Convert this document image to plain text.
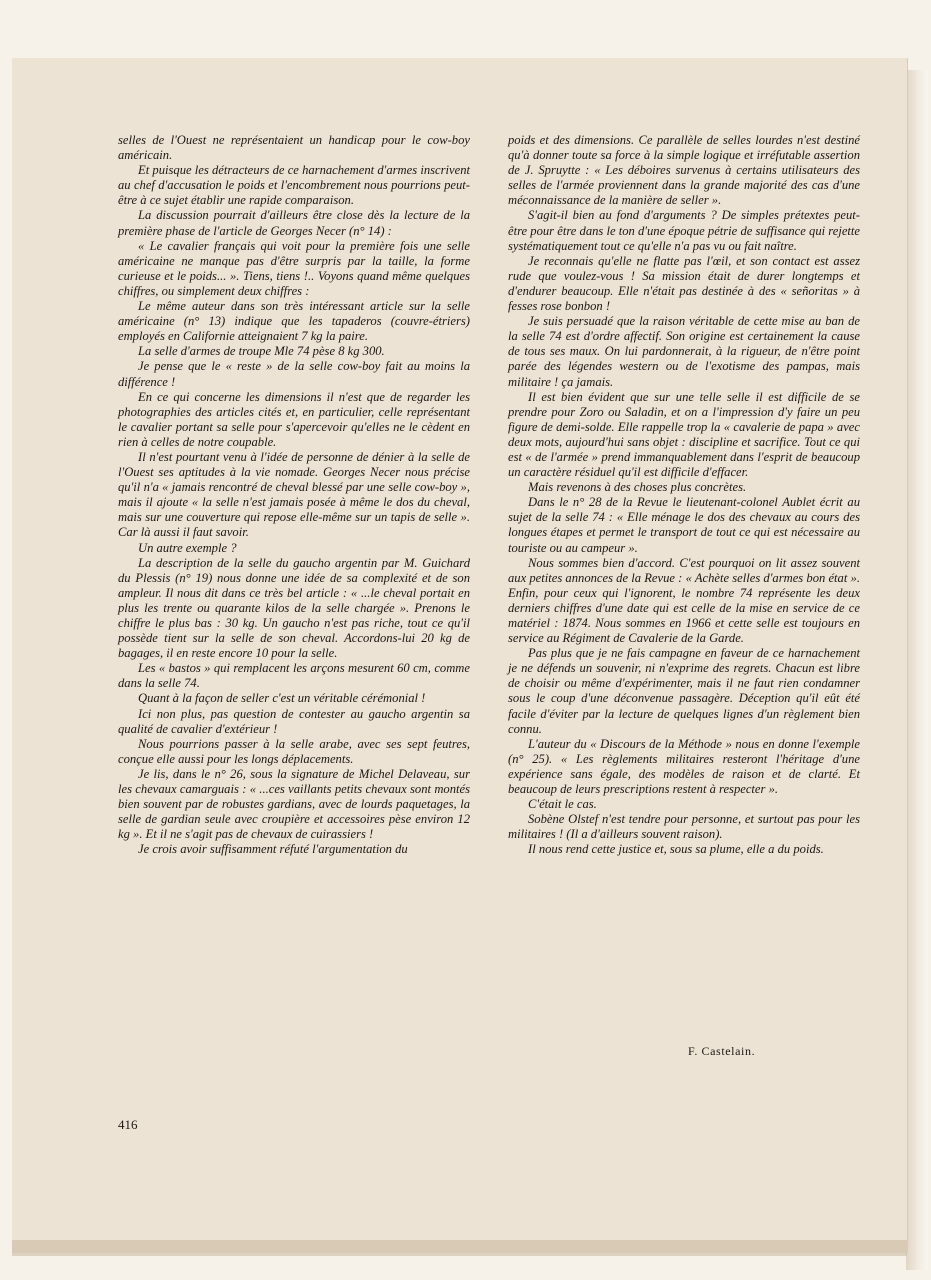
selles de l'Ouest ne représentaient un handicap pour le cow-boy américain.

Et puisque les détracteurs de ce harnachement d'armes inscrivent au chef d'accusation le poids et l'encombrement nous pourrions peut-être à ce sujet établir une rapide comparaison.

La discussion pourrait d'ailleurs être close dès la lecture de la première phase de l'article de Georges Necer (n° 14) :

« Le cavalier français qui voit pour la première fois une selle américaine ne manque pas d'être surpris par la taille, la forme curieuse et le poids... ». Tiens, tiens !.. Voyons quand même quelques chiffres, ou simplement deux chiffres :

Le même auteur dans son très intéressant article sur la selle américaine (n° 13) indique que les tapaderos (couvre-étriers) employés en Californie atteignaient 7 kg la paire.

La selle d'armes de troupe Mle 74 pèse 8 kg 300.

Je pense que le « reste » de la selle cow-boy fait au moins la différence !

En ce qui concerne les dimensions il n'est que de regarder les photographies des articles cités et, en particulier, celle représentant le cavalier portant sa selle pour s'apercevoir qu'elles ne le cèdent en rien à celles de notre coupable.

Il n'est pourtant venu à l'idée de personne de dénier à la selle de l'Ouest ses aptitudes à la vie nomade. Georges Necer nous précise qu'il n'a « jamais rencontré de cheval blessé par une selle cow-boy », mais il ajoute « la selle n'est jamais posée à même le dos du cheval, mais sur une couverture qui repose elle-même sur un tapis de selle ». Car là aussi il faut savoir.

Un autre exemple ?

La description de la selle du gaucho argentin par M. Guichard du Plessis (n° 19) nous donne une idée de sa complexité et de son ampleur. Il nous dit dans ce très bel article : « ...le cheval portait en plus les trente ou quarante kilos de la selle chargée ». Prenons le chiffre le plus bas : 30 kg. Un gaucho n'est pas riche, tout ce qu'il possède tient sur la selle de son cheval. Accordons-lui 20 kg de bagages, il en reste encore 10 pour la selle.

Les « bastos » qui remplacent les arçons mesurent 60 cm, comme dans la selle 74.

Quant à la façon de seller c'est un véritable cérémonial !

Ici non plus, pas question de contester au gaucho argentin sa qualité de cavalier d'extérieur !

Nous pourrions passer à la selle arabe, avec ses sept feutres, conçue elle aussi pour les longs déplacements.

Je lis, dans le n° 26, sous la signature de Michel Delaveau, sur les chevaux camarguais : « ...ces vaillants petits chevaux sont montés bien souvent par de robustes gardians, avec de lourds paquetages, la selle de gardian seule avec croupière et accessoires pèse environ 12 kg ». Et il ne s'agit pas de chevaux de cuirassiers !

Je crois avoir suffisamment réfuté l'argumentation du

poids et des dimensions. Ce parallèle de selles lourdes n'est destiné qu'à donner toute sa force à la simple logique et irréfutable assertion de J. Spruytte : « Les déboires survenus à certains utilisateurs des selles de l'armée proviennent dans la grande majorité des cas d'une méconnaissance de la manière de seller ».

S'agit-il bien au fond d'arguments ? De simples prétextes peut-être pour être dans le ton d'une époque pétrie de suffisance qui rejette systématiquement tout ce qu'elle n'a pas vu ou fait naître.

Je reconnais qu'elle ne flatte pas l'œil, et son contact est assez rude que voulez-vous ! Sa mission était de durer longtemps et d'endurer beaucoup. Elle n'était pas destinée à des « señoritas » à fesses rose bonbon !

Je suis persuadé que la raison véritable de cette mise au ban de la selle 74 est d'ordre affectif. Son origine est certainement la cause de tous ses maux. On lui pardonnerait, à la rigueur, de n'être point parée des légendes western ou de l'exotisme des pampas, mais militaire ! ça jamais.

Il est bien évident que sur une telle selle il est difficile de se prendre pour Zoro ou Saladin, et on a l'impression d'y faire un peu figure de demi-solde. Elle rappelle trop la « cavalerie de papa » avec deux mots, aujourd'hui sans objet : discipline et sacrifice. Tout ce qui est « de l'armée » prend immanquablement dans l'esprit de beaucoup un caractère résiduel qu'il est difficile d'effacer.

Mais revenons à des choses plus concrètes.

Dans le n° 28 de la Revue le lieutenant-colonel Aublet écrit au sujet de la selle 74 : « Elle ménage le dos des chevaux au cours des longues étapes et permet le transport de tout ce qui est nécessaire au touriste ou au campeur ».

Nous sommes bien d'accord. C'est pourquoi on lit assez souvent aux petites annonces de la Revue : « Achète selles d'armes bon état ». Enfin, pour ceux qui l'ignorent, le nombre 74 représente les deux derniers chiffres d'une date qui est celle de la mise en service de ce matériel : 1874. Nous sommes en 1966 et cette selle est toujours en service au Régiment de Cavalerie de la Garde.

Pas plus que je ne fais campagne en faveur de ce harnachement je ne défends un souvenir, ni n'exprime des regrets. Chacun est libre de choisir ou même d'expérimenter, mais il ne faut rien condamner sous le coup d'une déconvenue passagère. Déception qu'il eût été facile d'éviter par la lecture de quelques lignes d'un règlement bien connu.

L'auteur du « Discours de la Méthode » nous en donne l'exemple (n° 25). « Les règlements militaires resteront l'héritage d'une expérience sans égale, des modèles de raison et de clarté. Et beaucoup de leurs prescriptions restent à respecter ».

C'était le cas.

Sobène Olstef n'est tendre pour personne, et surtout pas pour les militaires ! (Il a d'ailleurs souvent raison).

Il nous rend cette justice et, sous sa plume, elle a du poids.

F. Castelain.
416
